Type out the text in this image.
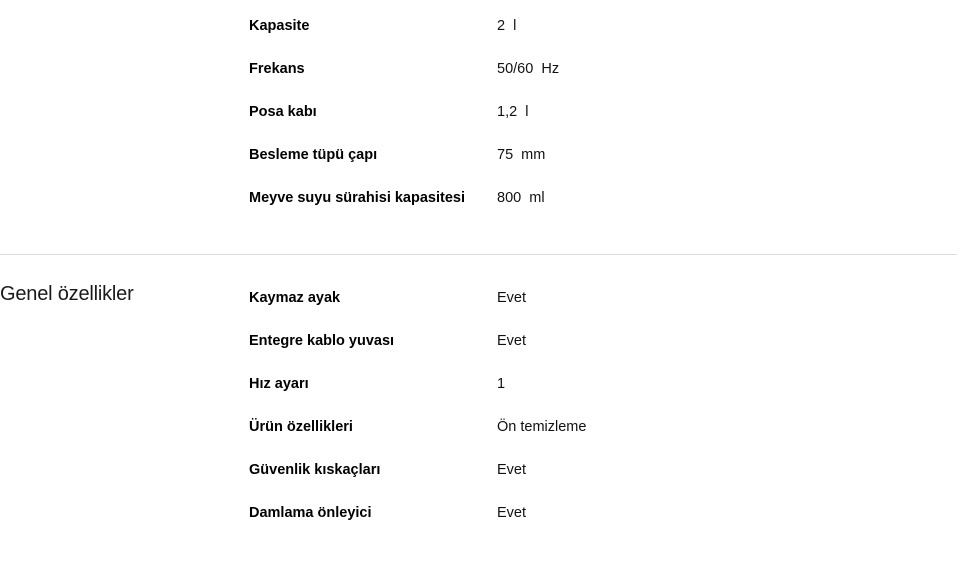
Kapasite	2  l
Frekans	50/60  Hz
Posa kabı	1,2  l
Besleme tüpü çapı	75  mm
Meyve suyu sürahisi kapasitesi 800  ml
Genel özellikler	Kaymaz ayak	Evet
Entegre kablo yuvası	Evet
Hız ayarı	1
Ürün özellikleri	Ön temizleme
Güvenlik kıskaçları	Evet
Damlama önleyici	Evet
